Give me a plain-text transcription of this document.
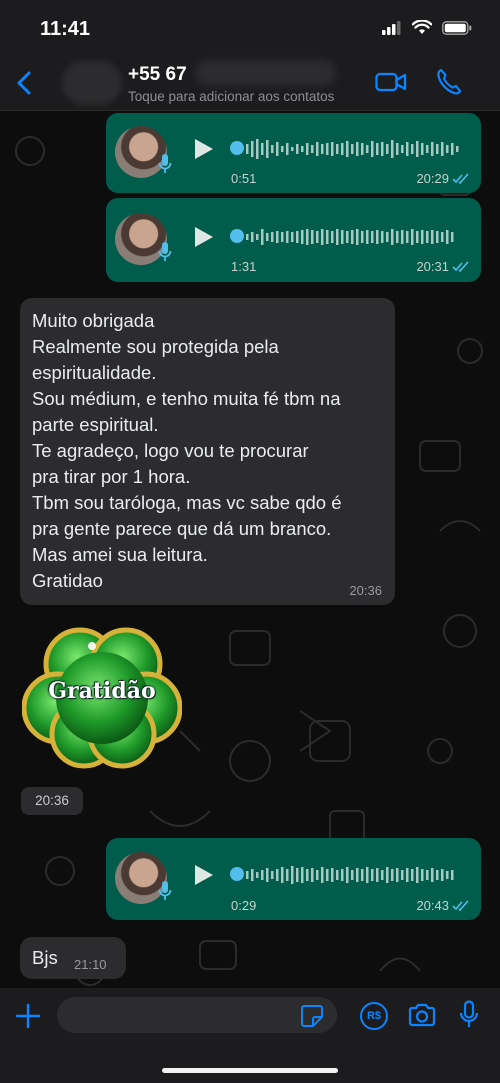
11:41
+55 67
Toque para adicionar aos contatos
0:51	20:29
1:31	20:31
Muito obrigada
Realmente sou protegida pela
espiritualidade.
Sou médium, e tenho muita fé tbm na
parte espiritual.
Te agradeço, logo vou te procurar
pra tirar por 1 hora.
Tbm sou taróloga, mas vc sabe qdo é
pra gente parece que dá um branco.
Mas amei sua leitura.
Gratidao	20:36
Gratidão
20:36
0:29	20:43
Bjs 21:10
R$
